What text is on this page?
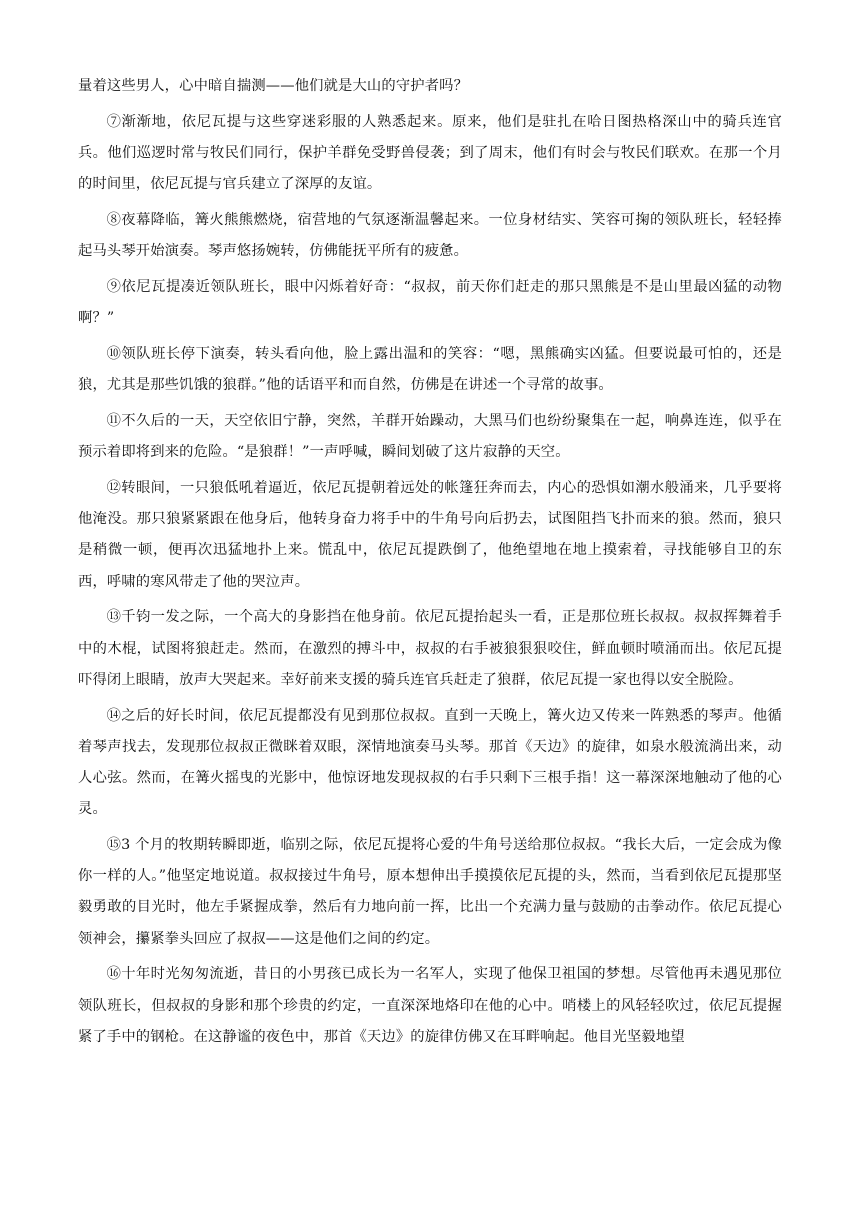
量着这些男人，心中暗自揣测——他们就是大山的守护者吗？

⑦渐渐地，依尼瓦提与这些穿迷彩服的人熟悉起来。原来，他们是驻扎在哈日图热格深山中的骑兵连官兵。他们巡逻时常与牧民们同行，保护羊群免受野兽侵袭；到了周末，他们有时会与牧民们联欢。在那一个月的时间里，依尼瓦提与官兵建立了深厚的友谊。

⑧夜幕降临，篝火熊熊燃烧，宿营地的气氛逐渐温馨起来。一位身材结实、笑容可掬的领队班长，轻轻捧起马头琴开始演奏。琴声悠扬婉转，仿佛能抚平所有的疲惫。

⑨依尼瓦提凑近领队班长，眼中闪烁着好奇：“叔叔，前天你们赶走的那只黑熊是不是山里最凶猛的动物啊？”

⑩领队班长停下演奏，转头看向他，脸上露出温和的笑容：“嗯，黑熊确实凶猛。但要说最可怕的，还是狼，尤其是那些饥饿的狼群。”他的话语平和而自然，仿佛是在讲述一个寻常的故事。

⑪不久后的一天，天空依旧宁静，突然，羊群开始躁动，大黑马们也纷纷聚集在一起，响鼻连连，似乎在预示着即将到来的危险。“是狼群！”一声呼喊，瞬间划破了这片寂静的天空。

⑫转眼间，一只狼低吼着逼近，依尼瓦提朝着远处的帐篷狂奔而去，内心的恐惧如潮水般涌来，几乎要将他淹没。那只狼紧紧跟在他身后，他转身奋力将手中的牛角号向后扔去，试图阻挡飞扑而来的狼。然而，狼只是稍微一顿，便再次迅猛地扑上来。慌乱中，依尼瓦提跌倒了，他绝望地在地上摸索着，寻找能够自卫的东西，呼啸的寒风带走了他的哭泣声。

⑬千钧一发之际，一个高大的身影挡在他身前。依尼瓦提抬起头一看，正是那位班长叔叔。叔叔挥舞着手中的木棍，试图将狼赶走。然而，在激烈的搏斗中，叔叔的右手被狼狠狠咬住，鲜血顿时喷涌而出。依尼瓦提吓得闭上眼睛，放声大哭起来。幸好前来支援的骑兵连官兵赶走了狼群，依尼瓦提一家也得以安全脱险。

⑭之后的好长时间，依尼瓦提都没有见到那位叔叔。直到一天晚上，篝火边又传来一阵熟悉的琴声。他循着琴声找去，发现那位叔叔正微眯着双眼，深情地演奏马头琴。那首《天边》的旋律，如泉水般流淌出来，动人心弦。然而，在篝火摇曳的光影中，他惊讶地发现叔叔的右手只剩下三根手指！这一幕深深地触动了他的心灵。

⑮3 个月的牧期转瞬即逝，临别之际，依尼瓦提将心爱的牛角号送给那位叔叔。“我长大后，一定会成为像你一样的人。”他坚定地说道。叔叔接过牛角号，原本想伸出手摸摸依尼瓦提的头，然而，当看到依尼瓦提那坚毅勇敢的目光时，他左手紧握成拳，然后有力地向前一挥，比出一个充满力量与鼓励的击拳动作。依尼瓦提心领神会，攥紧拳头回应了叔叔——这是他们之间的约定。

⑯十年时光匆匆流逝，昔日的小男孩已成长为一名军人，实现了他保卫祖国的梦想。尽管他再未遇见那位领队班长，但叔叔的身影和那个珍贵的约定，一直深深地烙印在他的心中。哨楼上的风轻轻吹过，依尼瓦提握紧了手中的钢枪。在这静谧的夜色中，那首《天边》的旋律仿佛又在耳畔响起。他目光坚毅地望
